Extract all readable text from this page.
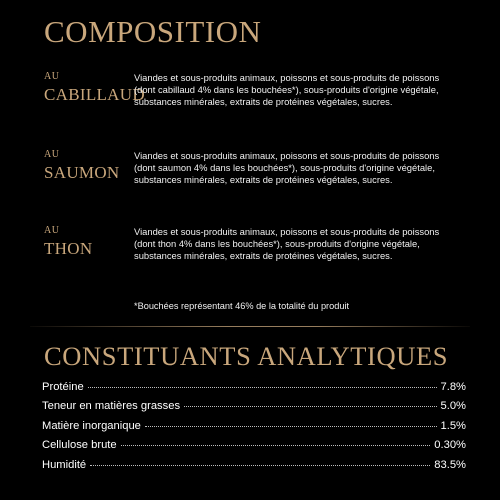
COMPOSITION
AU
CABILLAUD
Viandes et sous-produits animaux, poissons et sous-produits de poissons (dont cabillaud 4% dans les bouchées*), sous-produits d'origine végétale, substances minérales, extraits de protéines végétales, sucres.
AU
SAUMON
Viandes et sous-produits animaux, poissons et sous-produits de poissons (dont saumon 4% dans les bouchées*), sous-produits d'origine végétale, substances minérales, extraits de protéines végétales, sucres.
AU
THON
Viandes et sous-produits animaux, poissons et sous-produits de poissons (dont thon 4% dans les bouchées*), sous-produits d'origine végétale, substances minérales, extraits de protéines végétales, sucres.
*Bouchées représentant 46% de la totalité du produit
CONSTITUANTS ANALYTIQUES
Protéine	7.8%
Teneur en matières grasses	5.0%
Matière inorganique	1.5%
Cellulose brute	0.30%
Humidité	83.5%
